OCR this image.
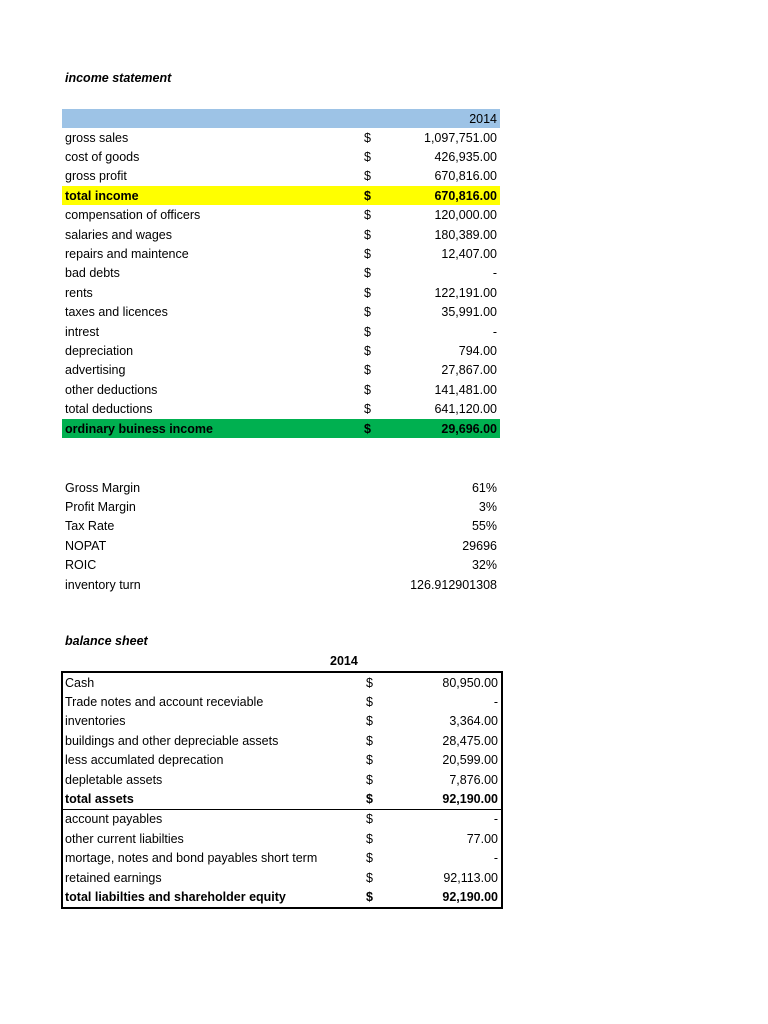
income statement
2014
gross sales	$	1,097,751.00
cost of goods	$	426,935.00
gross profit	$	670,816.00
total income	$	670,816.00
compensation of officers	$	120,000.00
salaries and wages	$	180,389.00
repairs and maintence	$	12,407.00
bad debts	$	-
rents	$	122,191.00
taxes and licences	$	35,991.00
intrest	$	-
depreciation	$	794.00
advertising	$	27,867.00
other deductions	$	141,481.00
total deductions	$	641,120.00
ordinary buiness income	$	29,696.00
Gross Margin	61%
Profit Margin	3%
Tax Rate	55%
NOPAT	29696
ROIC	32%
inventory turn	126.912901308
balance sheet
2014
Cash	$	80,950.00
Trade notes and account receviable	$	-
inventories	$	3,364.00
buildings and other depreciable assets	$	28,475.00
less accumlated deprecation	$	20,599.00
depletable assets	$	7,876.00
total assets	$	92,190.00
account payables	$	-
other current liabilties	$	77.00
mortage, notes and bond payables short term	$	-
retained earnings	$	92,113.00
total liabilties and shareholder equity	$	92,190.00
